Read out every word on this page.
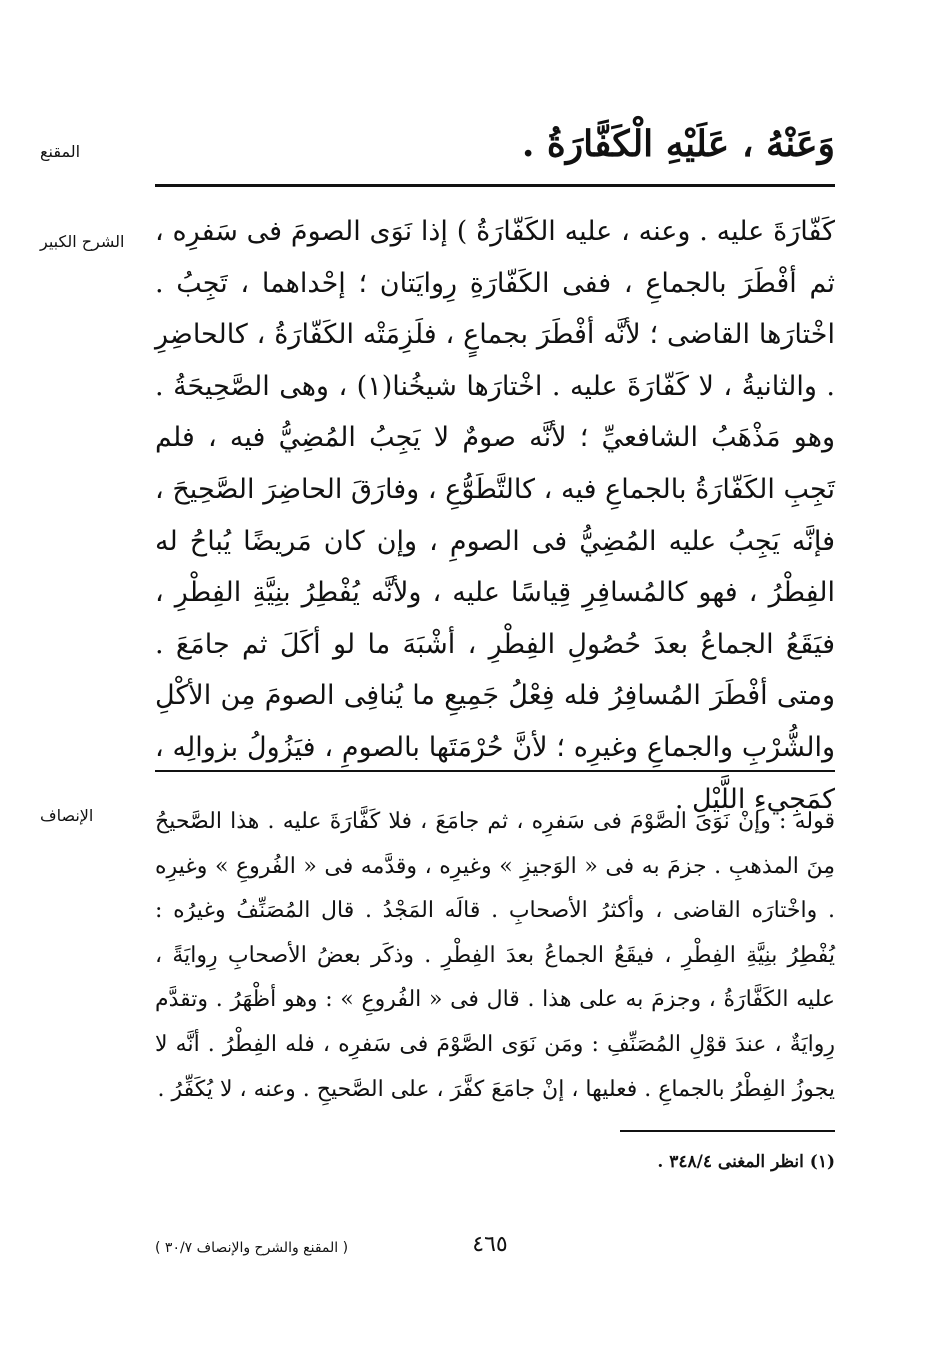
المقنع	وَعَنْهُ ، عَلَيْهِ الْكَفَّارَةُ .

الشرح الكبير	كَفّارَةَ عليه . وعنه ، عليه الكَفّارَةُ ) إذا نَوَى الصومَ فى سَفرِه ، ثم أفْطَرَ بالجماعِ ، ففى الكَفّارَةِ رِوايَتان ؛ إحْداهما ، تَجِبُ . اخْتارَها القاضى ؛ لأنَّه أفْطَرَ بجماعٍ ، فلَزِمَتْه الكَفّارَةُ ، كالحاضِرِ . والثانيةُ ، لا كَفّارَةَ عليه . اخْتارَها شيخُنا(١) ، وهى الصَّحِيحَةُ . وهو مَذْهَبُ الشافعيِّ ؛ لأنَّه صومٌ لا يَجِبُ المُضِيُّ فيه ، فلم تَجِبِ الكَفّارَةُ بالجماعِ فيه ، كالتَّطَوُّعِ ، وفارَقَ الحاضِرَ الصَّحِيحَ ، فإنَّه يَجِبُ عليه المُضِيُّ فى الصومِ ، وإن كان مَريضًا يُباحُ له الفِطْرُ ، فهو كالمُسافِرِ قِياسًا عليه ، ولأنَّه يُفْطِرُ بنِيَّةِ الفِطْرِ ، فيَقَعُ الجماعُ بعدَ حُصُولِ الفِطْرِ ، أشْبَهَ ما لو أكَلَ ثم جامَعَ . ومتى أفْطَرَ المُسافِرُ فله فِعْلُ جَمِيعِ ما يُنافِى الصومَ مِن الأكْلِ والشُّرْبِ والجماعِ وغيرِه ؛ لأنَّ حُرْمَتَها بالصومِ ، فيَزُولُ بزوالِه ، كمَجِيءِ اللَّيْلِ .

الإنصاف	قوله : وإنْ نَوَى الصَّوْمَ فى سَفرِه ، ثم جامَعَ ، فلا كَفَّارَةَ عليه . هذا الصَّحيحُ مِنَ المذهبِ . جزمَ به فى « الوَجيزِ » وغيرِه ، وقدَّمه فى « الفُروعِ » وغيرِه . واخْتارَه القاضى ، وأكثرُ الأصحابِ . قالَه المَجْدُ . قال المُصَنِّفُ وغيرُه : يُفْطِرُ بنِيَّةِ الفِطْرِ ، فيقَعُ الجماعُ بعدَ الفِطْرِ . وذكَر بعضُ الأصحابِ رِوايَةً ، عليه الكَفَّارَةُ ، وجزمَ به على هذا . قال فى « الفُروعِ » : وهو أظْهَرُ . وتقدَّم رِوايَةٌ ، عندَ قوْلِ المُصَنِّفِ : ومَن نَوَى الصَّوْمَ فى سَفرِه ، فله الفِطْرُ . أنَّه لا يجوزُ الفِطْرُ بالجماعِ . فعليها ، إنْ جامَعَ كفَّرَ ، على الصَّحيحِ . وعنه ، لا يُكَفِّرُ .

(١) انظر المغنى ٣٤٨/٤ .
٤٦٥
( المقنع والشرح والإنصاف ٣٠/٧ )
